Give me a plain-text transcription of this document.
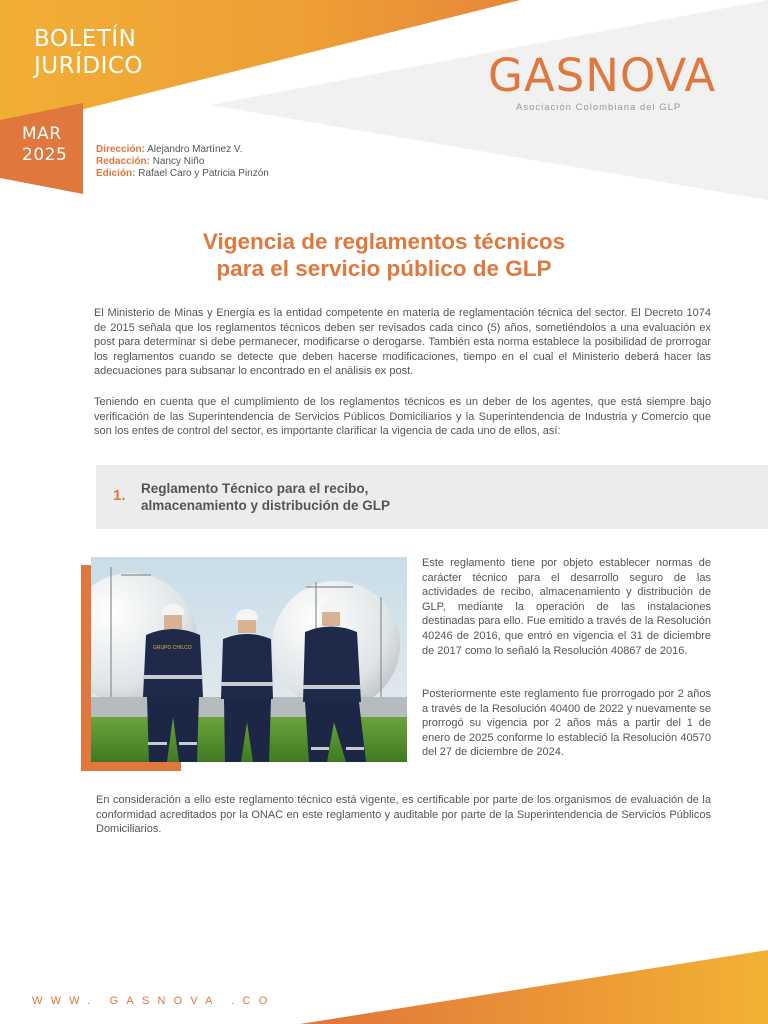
BOLETÍN
JURÍDICO
MAR
2025
GASNOVA
Asociación Colombiana del GLP
Dirección: Alejandro Martínez V.
Redacción: Nancy Niño
Edición: Rafael Caro y Patricia Pinzón
Vigencia de reglamentos técnicos
para el servicio público de GLP
El Ministerio de Minas y Energía es la entidad competente en materia de reglamentación técnica del sector. El Decreto 1074 de 2015 señala que los reglamentos técnicos deben ser revisados cada cinco (5) años, sometiéndolos a una evaluación ex post para determinar si debe permanecer, modificarse o derogarse. También esta norma establece la posibilidad de prorrogar los reglamentos cuando se detecte que deben hacerse modificaciones, tiempo en el cual el Ministerio deberá hacer las adecuaciones para subsanar lo encontrado en el análisis ex post.
Teniendo en cuenta que el cumplimiento de los reglamentos técnicos es un deber de los agentes, que está siempre bajo verificación de las Superintendencia de Servicios Públicos Domiciliarios y la Superintendencia de Industria y Comercio que son los entes de control del sector, es importante clarificar la vigencia de cada uno de ellos, así:
1. Reglamento Técnico para el recibo, almacenamiento y distribución de GLP
GRUPO CHILCO
Este reglamento tiene por objeto establecer normas de carácter técnico para el desarrollo seguro de las actividades de recibo, almacenamiento y distribución de GLP, mediante la operación de las instalaciones destinadas para ello. Fue emitido a través de la Resolución 40246 de 2016, que entró en vigencia el 31 de diciembre de 2017 como lo señaló la Resolución 40867 de 2016.
Posteriormente este reglamento fue prorrogado por 2 años a través de la Resolución 40400 de 2022 y nuevamente se prorrogó su vigencia por 2 años más a partir del 1 de enero de 2025 conforme lo estableció la Resolución 40570 del 27 de diciembre de 2024.
En consideración a ello este reglamento técnico está vigente, es certificable por parte de los organismos de evaluación de la conformidad acreditados por la ONAC en este reglamento y auditable por parte de la Superintendencia de Servicios Públicos Domiciliarios.
WWW. GASNOVA .CO
